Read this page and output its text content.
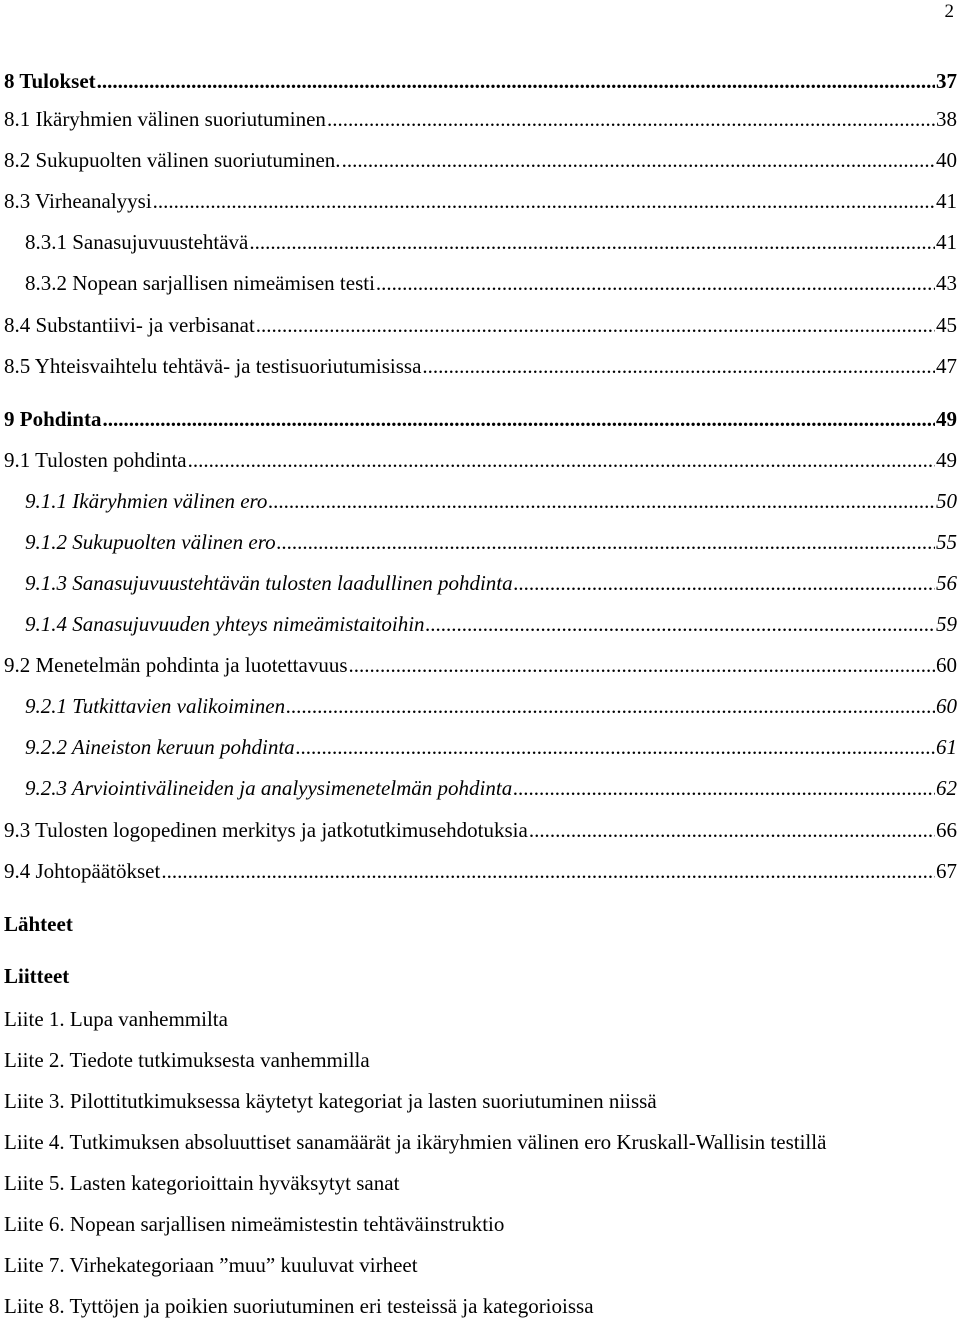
2
8 Tulokset .....	37
8.1 Ikäryhmien välinen suoriutuminen .....	38
8.2 Sukupuolten välinen suoriutuminen. .....	40
8.3 Virheanalyysi .....	41
8.3.1 Sanasujuvuustehtävä .....	41
8.3.2 Nopean sarjallisen nimeämisen testi .....	43
8.4 Substantiivi- ja verbisanat .....	45
8.5 Yhteisvaihtelu tehtävä- ja testisuoriutumisissa .....	47
9 Pohdinta .....	49
9.1 Tulosten pohdinta .....	49
9.1.1 Ikäryhmien välinen ero .....	50
9.1.2 Sukupuolten välinen ero .....	55
9.1.3 Sanasujuvuustehtävän tulosten laadullinen pohdinta .....	56
9.1.4 Sanasujuvuuden yhteys nimeämistaitoihin .....	59
9.2 Menetelmän pohdinta ja luotettavuus .....	60
9.2.1 Tutkittavien valikoiminen .....	60
9.2.2 Aineiston keruun pohdinta .....	61
9.2.3 Arviointivälineiden ja analyysimenetelmän pohdinta .....	62
9.3 Tulosten logopedinen merkitys ja jatkotutkimusehdotuksia .....	66
9.4 Johtopäätökset .....	67
Lähteet
Liitteet
Liite 1. Lupa vanhemmilta
Liite 2. Tiedote tutkimuksesta vanhemmilla
Liite 3. Pilottitutkimuksessa käytetyt kategoriat ja lasten suoriutuminen niissä
Liite 4. Tutkimuksen absoluuttiset sanamäärät ja ikäryhmien välinen ero Kruskall-Wallisin testillä
Liite 5. Lasten kategorioittain hyväksytyt sanat
Liite 6. Nopean sarjallisen nimeämistestin tehtäväinstruktio
Liite 7. Virhekategoriaan ”muu” kuuluvat virheet
Liite 8. Tyttöjen ja poikien suoriutuminen eri testeissä ja kategorioissa
